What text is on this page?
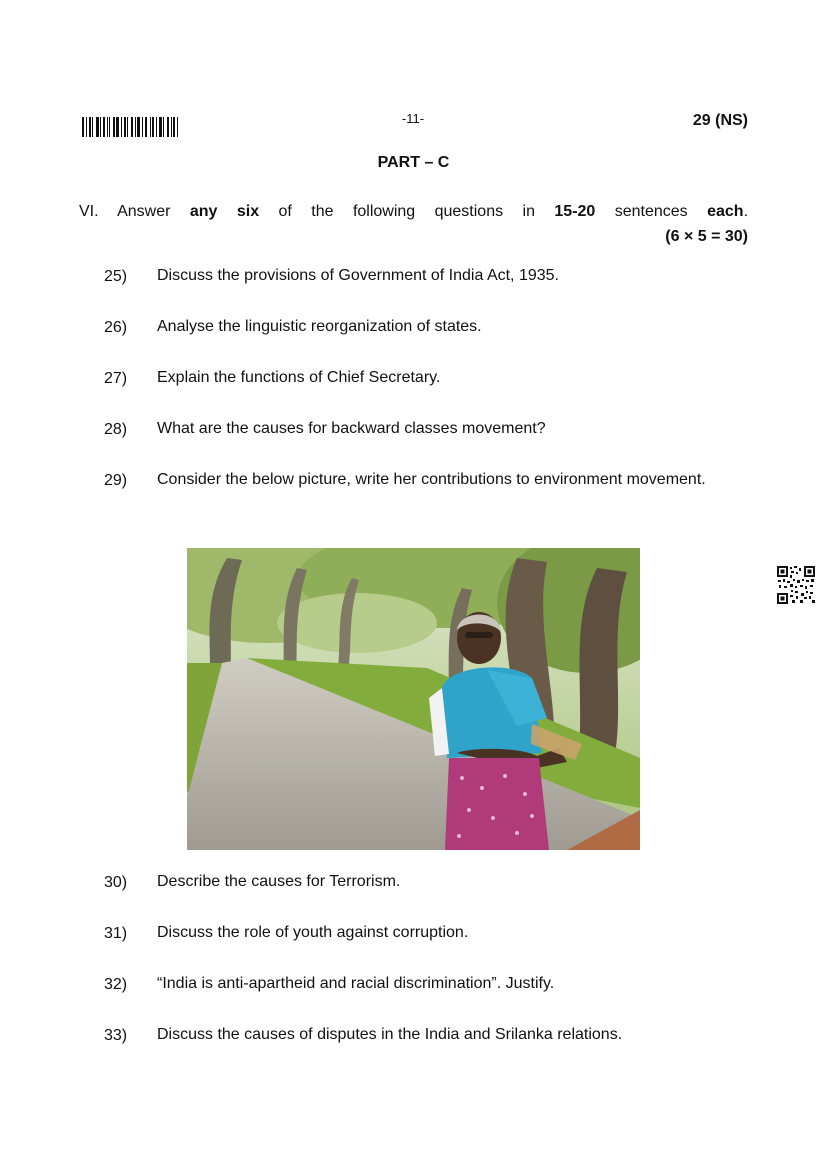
-11-	29 (NS)
PART – C
VI. Answer any six of the following questions in 15-20 sentences each.
(6 × 5 = 30)
25)	Discuss the provisions of Government of India Act, 1935.
26)	Analyse the linguistic reorganization of states.
27)	Explain the functions of Chief Secretary.
28)	What are the causes for backward classes movement?
29)	Consider the below picture, write her contributions to environment movement.
30)	Describe the causes for Terrorism.
31)	Discuss the role of youth against corruption.
32)	“India is anti-apartheid and racial discrimination”. Justify.
33)	Discuss the causes of disputes in the India and Srilanka relations.
